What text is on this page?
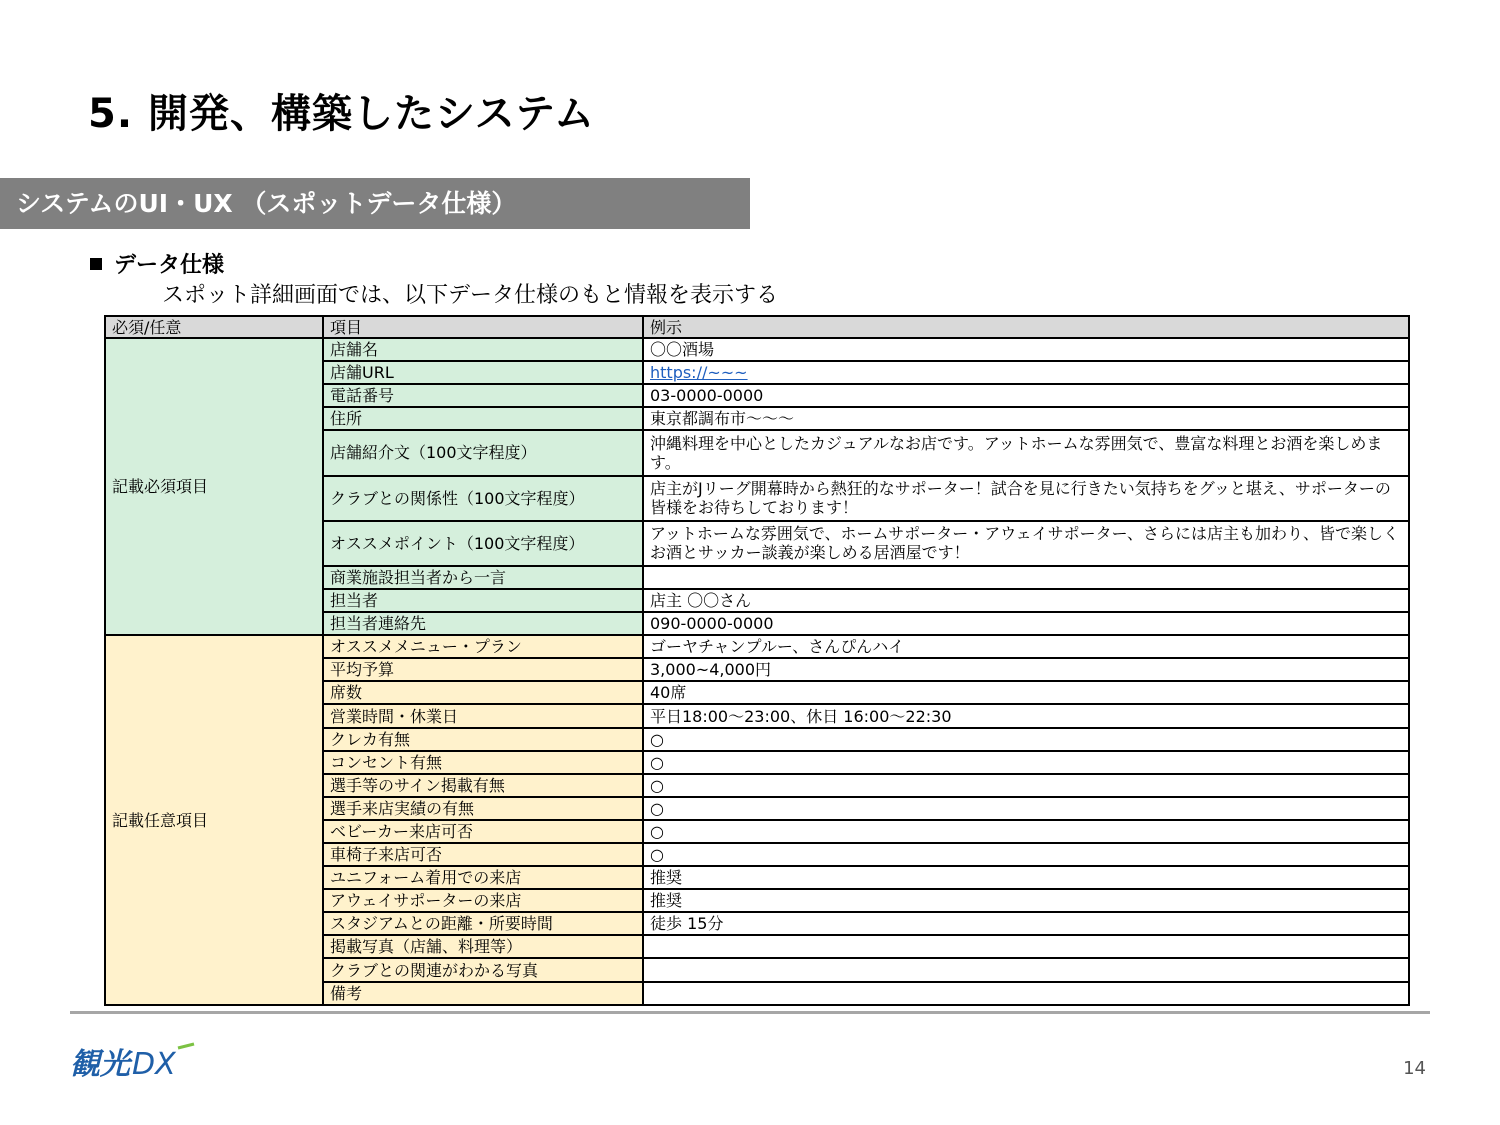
5. 開発、構築したシステム
システムのUI・UX （スポットデータ仕様）
データ仕様
スポット詳細画面では、以下データ仕様のもと情報を表示する
必須/任意	項目	例示
記載必須項目	店舗名	〇〇酒場
	店舗URL	https://~~~
	電話番号	03-0000-0000
	住所	東京都調布市〜〜〜
	店舗紹介文（100文字程度）	沖縄料理を中心としたカジュアルなお店です。アットホームな雰囲気で、豊富な料理とお酒を楽しめます。
	クラブとの関係性（100文字程度）	店主がJリーグ開幕時から熱狂的なサポーター！試合を見に行きたい気持ちをグッと堪え、サポーターの皆様をお待ちしております！
	オススメポイント（100文字程度）	アットホームな雰囲気で、ホームサポーター・アウェイサポーター、さらには店主も加わり、皆で楽しくお酒とサッカー談義が楽しめる居酒屋です！
	商業施設担当者から一言	
	担当者	店主 〇〇さん
	担当者連絡先	090-0000-0000
記載任意項目	オススメメニュー・プラン	ゴーヤチャンプルー、さんぴんハイ
	平均予算	3,000~4,000円
	席数	40席
	営業時間・休業日	平日18:00〜23:00、休日 16:00〜22:30
	クレカ有無	○
	コンセント有無	○
	選手等のサイン掲載有無	○
	選手来店実績の有無	○
	ベビーカー来店可否	○
	車椅子来店可否	○
	ユニフォーム着用での来店	推奨
	アウェイサポーターの来店	推奨
	スタジアムとの距離・所要時間	徒歩 15分
	掲載写真（店舗、料理等）	
	クラブとの関連がわかる写真	
	備考	
観光 DX	14
